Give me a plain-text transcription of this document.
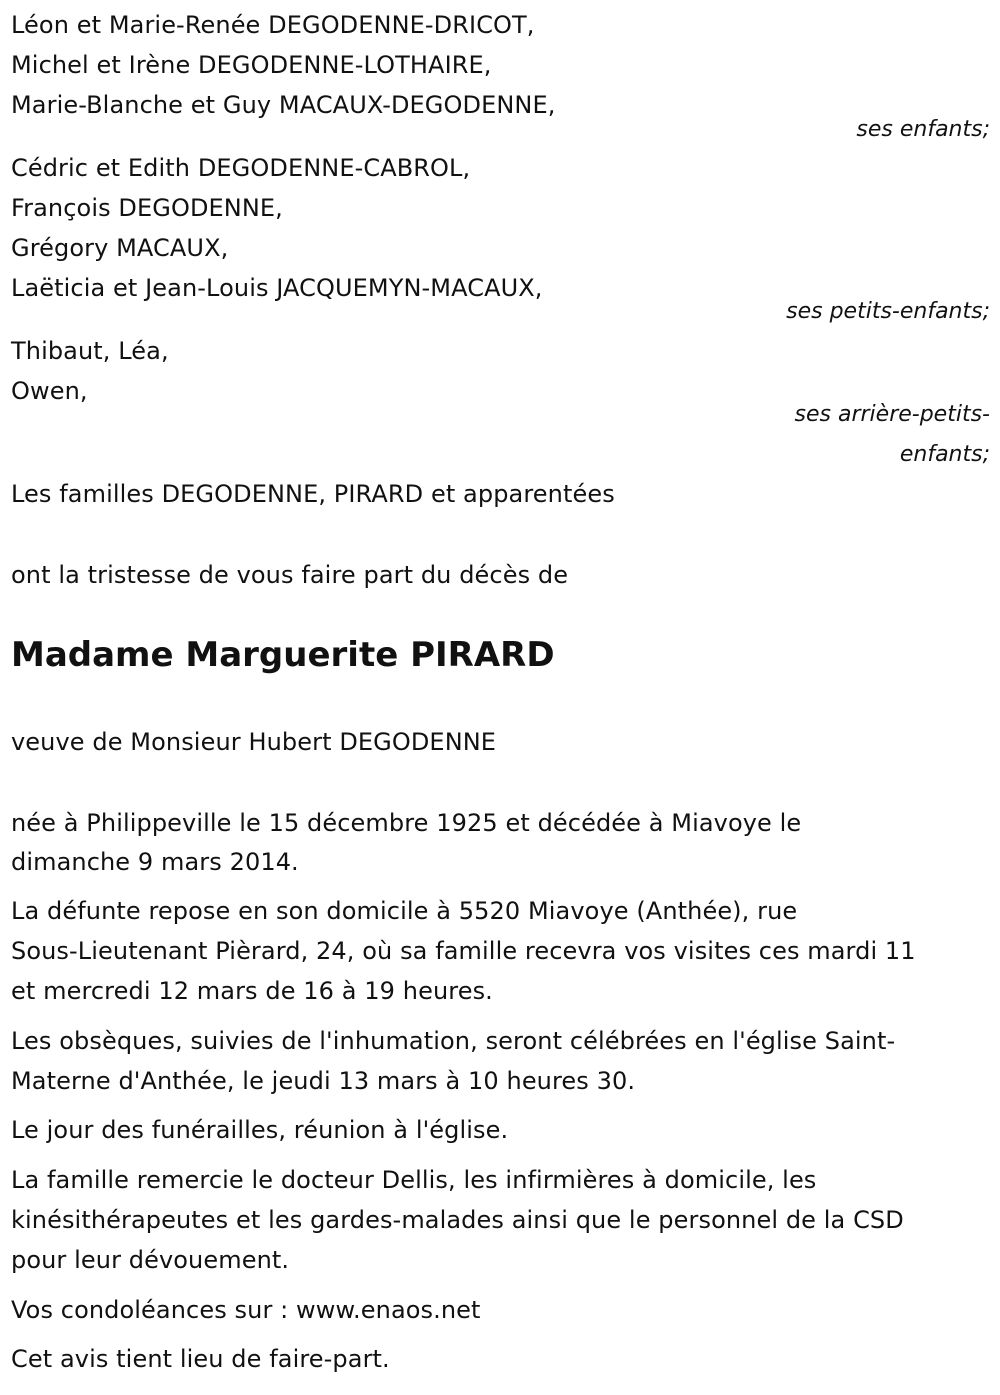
Léon et Marie-Renée DEGODENNE-DRICOT,
Michel et Irène DEGODENNE-LOTHAIRE,
Marie-Blanche et Guy MACAUX-DEGODENNE,
ses enfants;
Cédric et Edith DEGODENNE-CABROL,
François DEGODENNE,
Grégory MACAUX,
Laëticia et Jean-Louis JACQUEMYN-MACAUX,
ses petits-enfants;
Thibaut, Léa,
Owen,
ses arrière-petits-
enfants;
Les familles DEGODENNE, PIRARD et apparentées
ont la tristesse de vous faire part du décès de
Madame Marguerite PIRARD
veuve de Monsieur Hubert DEGODENNE
née à Philippeville le 15 décembre 1925 et décédée à Miavoye le
dimanche 9 mars 2014.
La défunte repose en son domicile à 5520 Miavoye (Anthée), rue
Sous-Lieutenant Pièrard, 24, où sa famille recevra vos visites ces mardi 11
et mercredi 12 mars de 16 à 19 heures.
Les obsèques, suivies de l'inhumation, seront célébrées en l'église Saint-
Materne d'Anthée, le jeudi 13 mars à 10 heures 30.
Le jour des funérailles, réunion à l'église.
La famille remercie le docteur Dellis, les infirmières à domicile, les
kinésithérapeutes et les gardes-malades ainsi que le personnel de la CSD
pour leur dévouement.
Vos condoléances sur : www.enaos.net
Cet avis tient lieu de faire-part.
